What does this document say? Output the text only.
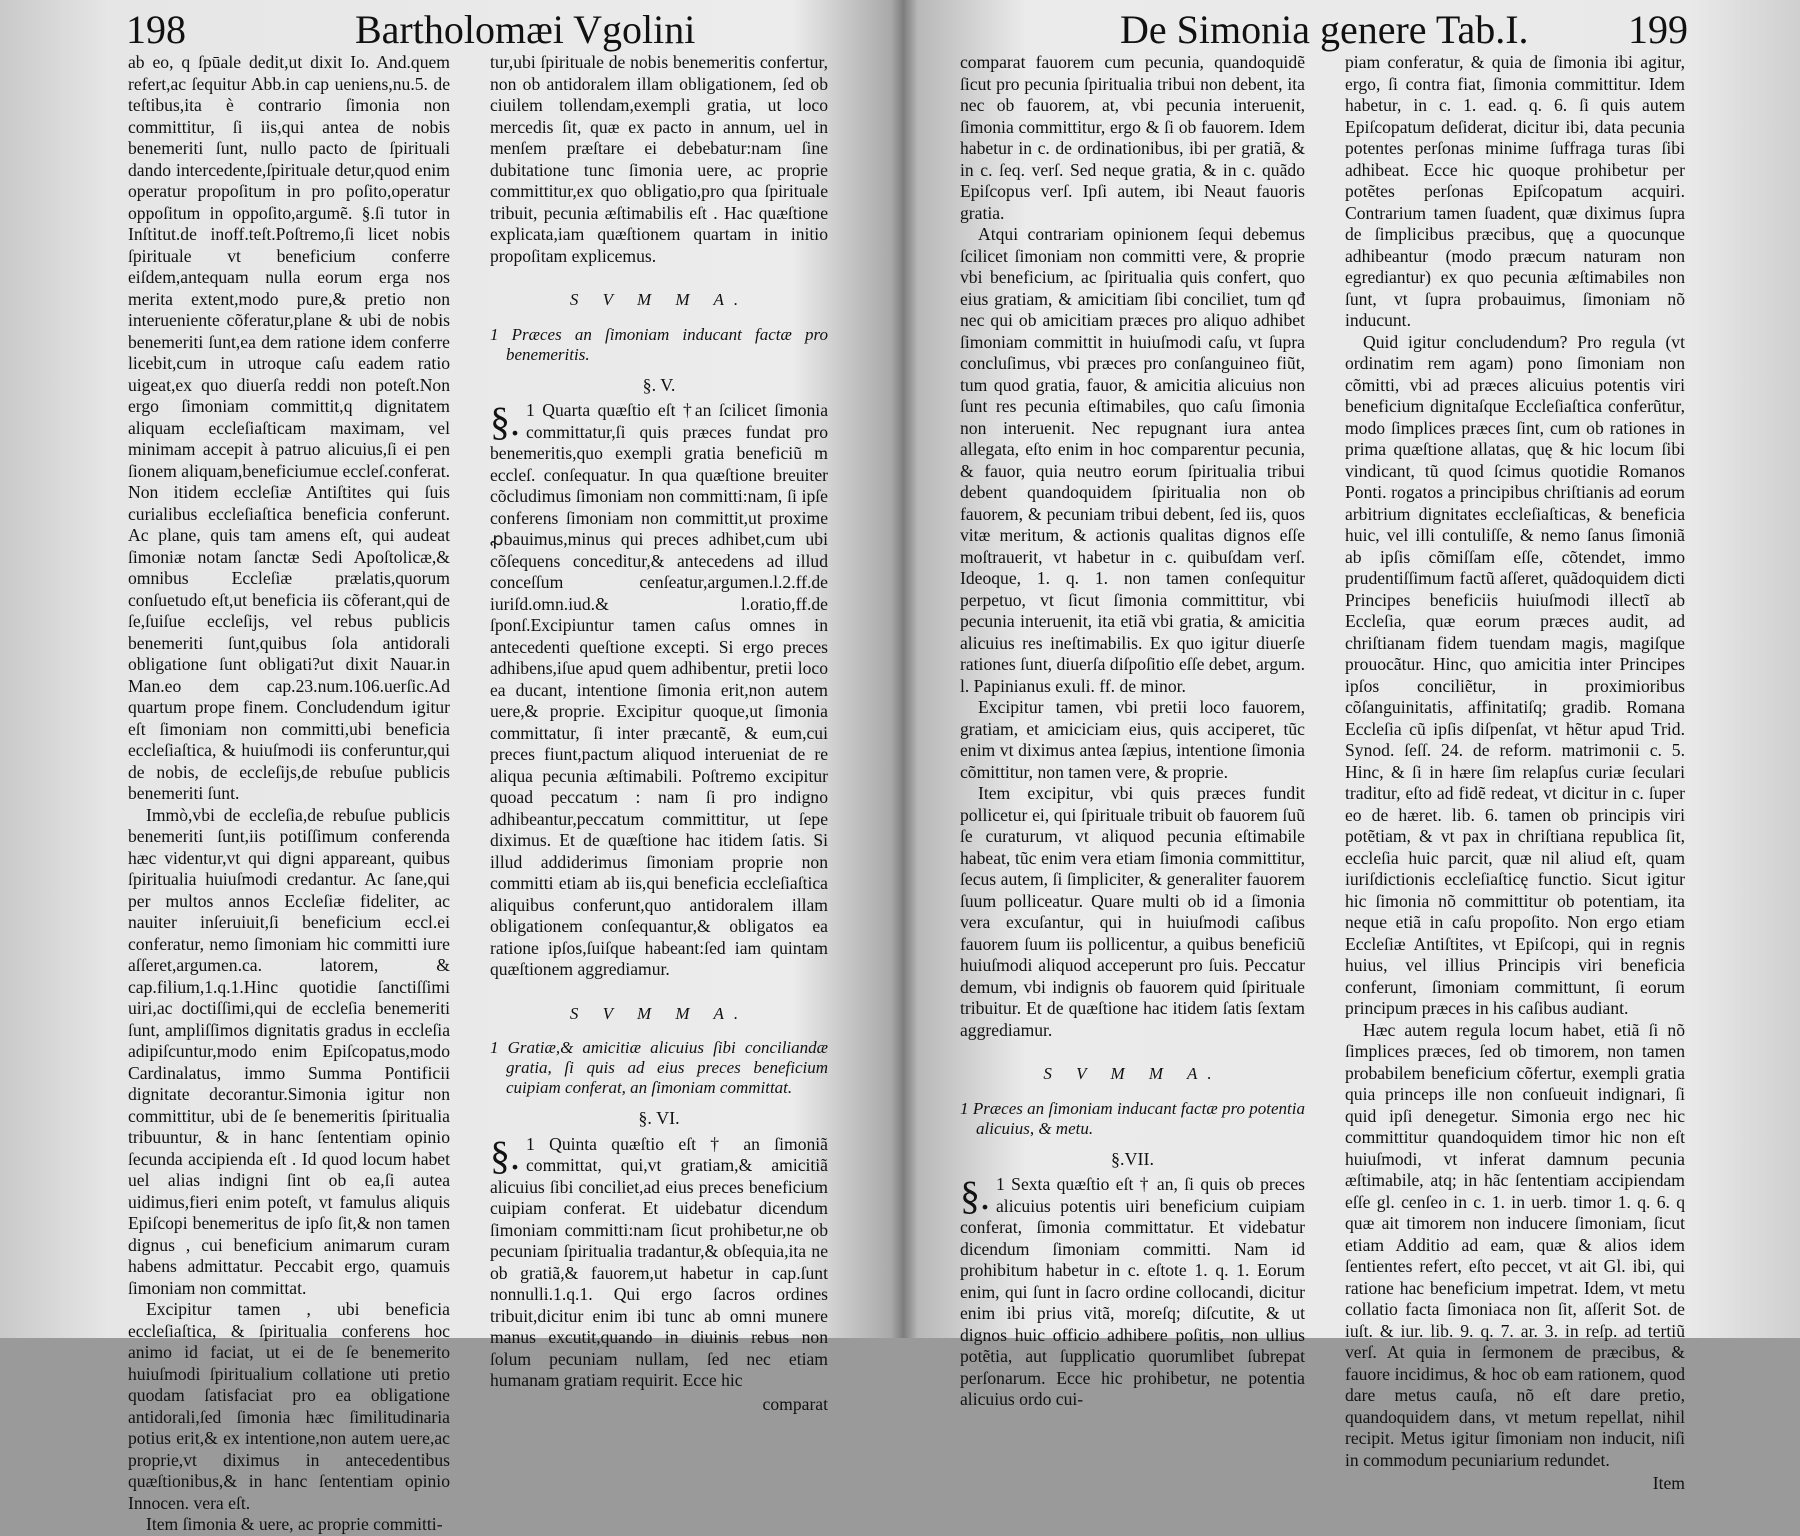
198	Bartholomæi Vgolini

ab eo, q ſpūale dedit,ut dixit Io. And.quem refert,ac ſequitur Abb.in cap ueniens,nu.5. de teſtibus,ita è contrario ſimonia non committitur, ſi iis,qui antea de nobis benemeriti ſunt, nullo pacto de ſpirituali dando intercedente,ſpirituale detur,quod enim operatur propoſitum in pro poſito,operatur oppoſitum in oppoſito,argumẽ. §.ſi tutor in Inſtitut.de inoff.teſt.Poſtremo,ſi licet nobis ſpirituale vt beneficium conferre eiſdem,antequam nulla eorum erga nos merita extent,modo pure,& pretio non interueniente cõferatur,plane & ubi de nobis benemeriti ſunt,ea dem ratione idem conferre licebit,cum in utroque caſu eadem ratio uigeat,ex quo diuerſa reddi non poteſt.Non ergo ſimoniam committit,q dignitatem aliquam eccleſiaſticam maximam, vel minimam accepit à patruo alicuius,ſi ei pen ſionem aliquam,beneficiumue eccleſ.conferat. Non itidem eccleſiæ Antiſtites qui ſuis curialibus eccleſiaſtica beneficia conferunt. Ac plane, quis tam amens eſt, qui audeat ſimoniæ notam ſanctæ Sedi Apoſtolicæ,& omnibus Eccleſiæ prælatis,quorum conſuetudo eſt,ut beneficia iis cõferant,qui de ſe,ſuiſue eccleſijs, vel rebus publicis benemeriti ſunt,quibus ſola antidorali obligatione ſunt obligati?ut dixit Nauar.in Man.eo dem cap.23.num.106.uerſic.Ad quartum prope finem. Concludendum igitur eſt ſimoniam non committi,ubi beneficia eccleſiaſtica, & huiuſmodi iis conferuntur,qui de nobis, de eccleſijs,de rebuſue publicis benemeriti ſunt.

Immò,vbi de eccleſia,de rebuſue publicis benemeriti ſunt,iis potiſſimum conferenda hæc videntur,vt qui digni appareant, quibus ſpiritualia huiuſmodi credantur. Ac ſane,qui per multos annos Eccleſiæ fideliter, ac nauiter inſeruiuit,ſi beneficium eccl.ei conferatur, nemo ſimoniam hic committi iure aſſeret,argumen.ca. latorem, & cap.filium,1.q.1.Hinc quotidie ſanctiſſimi uiri,ac doctiſſimi,qui de eccleſia benemeriti ſunt, ampliſſimos dignitatis gradus in eccleſia adipiſcuntur,modo enim Epiſcopatus,modo Cardinalatus, immo Summa Pontificii dignitate decorantur.Simonia igitur non committitur, ubi de ſe benemeritis ſpiritualia tribuuntur, & in hanc ſententiam opinio ſecunda accipienda eſt . Id quod locum habet uel alias indigni ſint ob ea,ſi autea uidimus,fieri enim poteſt, vt famulus aliquis Epiſcopi benemeritus de ipſo ſit,& non tamen dignus , cui beneficium animarum curam habens admittatur. Peccabit ergo, quamuis ſimoniam non committat.

Excipitur tamen , ubi beneficia eccleſiaſtica, & ſpiritualia conferens hoc animo id faciat, ut ei de ſe benemerito huiuſmodi ſpiritualium collatione uti pretio quodam ſatisfaciat pro ea obligatione antidorali,ſed ſimonia hæc ſimilitudinaria potius erit,& ex intentione,non autem uere,ac proprie,vt diximus in antecedentibus quæſtionibus,& in hanc ſententiam opinio Innocen. vera eſt.

Item ſimonia & uere, ac proprie committi-

tur,ubi ſpirituale de nobis benemeritis confertur, non ob antidoralem illam obligationem, ſed ob ciuilem tollendam,exempli gratia, ut loco mercedis ſit, quæ ex pacto in annum, uel in menſem præſtare ei debebatur:nam ſine dubitatione tunc ſimonia uere, ac proprie committitur,ex quo obligatio,pro qua ſpirituale tribuit, pecunia æſtimabilis eſt . Hac quæſtione explicata,iam quæſtionem quartam in initio propoſitam explicemus.

S V M M A.
1 Præces an ſimoniam inducant factæ pro benemeritis.
§. V.

§. 1 Quarta quæſtio eſt †an ſcilicet ſimonia committatur,ſi quis præces fundat pro benemeritis,quo exempli gratia beneficiũ m eccleſ. conſequatur. In qua quæſtione breuiter cõcludimus ſimoniam non committi:nam, ſi ipſe conferens ſimoniam non committit,ut proxime ꝓbauimus,minus qui preces adhibet,cum ubi cõſequens conceditur,& antecedens ad illud conceſſum cenſeatur,argumen.l.2.ff.de iuriſd.omn.iud.& l.oratio,ff.de ſponſ.Excipiuntur tamen caſus omnes in antecedenti queſtione excepti. Si ergo preces adhibens,iſue apud quem adhibentur, pretii loco ea ducant, intentione ſimonia erit,non autem uere,& proprie. Excipitur quoque,ut ſimonia committatur, ſi inter præcantẽ, & eum,cui preces fiunt,pactum aliquod interueniat de re aliqua pecunia æſtimabili. Poſtremo excipitur quoad peccatum : nam ſi pro indigno adhibeantur,peccatum committitur, ut ſepe diximus. Et de quæſtione hac itidem ſatis. Si illud addiderimus ſimoniam proprie non committi etiam ab iis,qui beneficia eccleſiaſtica aliquibus conferunt,quo antidoralem illam obligationem conſequantur,& obligatos ea ratione ipſos,ſuiſque habeant:ſed iam quintam quæſtionem aggrediamur.

S V M M A.
1 Gratiæ,& amicitiæ alicuius ſibi conciliandæ gratia, ſi quis ad eius preces beneficium cuipiam conferat, an ſimoniam committat.
§. VI.

§. 1 Quinta quæſtio eſt † an ſimoniã committat, qui,vt gratiam,& amicitiã alicuius ſibi conciliet,ad eius preces beneficium cuipiam conferat. Et uidebatur dicendum ſimoniam committi:nam ſicut prohibetur,ne ob pecuniam ſpiritualia tradantur,& obſequia,ita ne ob gratiã,& fauorem,ut habetur in cap.ſunt nonnulli.1.q.1. Qui ergo ſacros ordines tribuit,dicitur enim ibi tunc ab omni munere manus excutit,quando in diuinis rebus non ſolum pecuniam nullam, ſed nec etiam humanam gratiam requirit. Ecce hic

comparat
De Simonia genere Tab.I. 199

comparat fauorem cum pecunia, quandoquidẽ ſicut pro pecunia ſpiritualia tribui non debent, ita nec ob fauorem, at, vbi pecunia interuenit, ſimonia committitur, ergo & ſi ob fauorem. Idem habetur in c. de ordinationibus, ibi per gratiã, & in c. ſeq. verſ. Sed neque gratia, & in c. quãdo Epiſcopus verſ. Ipſi autem, ibi Neaut fauoris gratia.

Atqui contrariam opinionem ſequi debemus ſcilicet ſimoniam non committi vere, & proprie vbi beneficium, ac ſpiritualia quis confert, quo eius gratiam, & amicitiam ſibi conciliet, tum qđ nec qui ob amicitiam præces pro aliquo adhibet ſimoniam committit in huiuſmodi caſu, vt ſupra concluſimus, vbi præces pro conſanguineo fiũt, tum quod gratia, fauor, & amicitia alicuius non ſunt res pecunia eſtimabiles, quo caſu ſimonia non interuenit. Nec repugnant iura antea allegata, eſto enim in hoc comparentur pecunia, & fauor, quia neutro eorum ſpiritualia tribui debent quandoquidem ſpiritualia non ob fauorem, & pecuniam tribui debent, ſed iis, quos vitæ meritum, & actionis qualitas dignos eſſe moſtrauerit, vt habetur in c. quibuſdam verſ. Ideoque, 1. q. 1. non tamen conſequitur perpetuo, vt ſicut ſimonia committitur, vbi pecunia interuenit, ita etiã vbi gratia, & amicitia alicuius res ineſtimabilis. Ex quo igitur diuerſe rationes ſunt, diuerſa diſpoſitio eſſe debet, argum. l. Papinianus exuli. ff. de minor.

Excipitur tamen, vbi pretii loco fauorem, gratiam, et amiciciam eius, quis acciperet, tũc enim vt diximus antea ſæpius, intentione ſimonia cõmittitur, non tamen vere, & proprie.

Item excipitur, vbi quis præces fundit pollicetur ei, qui ſpirituale tribuit ob fauorem ſuũ ſe curaturum, vt aliquod pecunia eſtimabile habeat, tũc enim vera etiam ſimonia committitur, ſecus autem, ſi ſimpliciter, & generaliter fauorem ſuum polliceatur. Quare multi ob id a ſimonia vera excuſantur, qui in huiuſmodi caſibus fauorem ſuum iis pollicentur, a quibus beneficiũ huiuſmodi aliquod acceperunt pro ſuis. Peccatur demum, vbi indignis ob fauorem quid ſpirituale tribuitur. Et de quæſtione hac itidem ſatis ſextam aggrediamur.

S V M M A.
1 Præces an ſimoniam inducant factæ pro potentia alicuius, & metu.
§.VII.

§. 1 Sexta quæſtio eſt † an, ſi quis ob preces alicuius potentis uiri beneficium cuipiam conferat, ſimonia committatur. Et videbatur dicendum ſimoniam committi. Nam id prohibitum habetur in c. eſtote 1. q. 1. Eorum enim, qui ſunt in ſacro ordine collocandi, dicitur enim ibi prius vitã, moreſq; diſcutite, & ut dignos huic officio adhibere poſitis, non ullius potẽtia, aut ſupplicatio quorumlibet ſubrepat perſonarum. Ecce hic prohibetur, ne potentia alicuius ordo cui-

piam conferatur, & quia de ſimonia ibi agitur, ergo, ſi contra fiat, ſimonia committitur. Idem habetur, in c. 1. ead. q. 6. ſi quis autem Epiſcopatum deſiderat, dicitur ibi, data pecunia potentes perſonas minime ſuffraga turas ſibi adhibeat. Ecce hic quoque prohibetur per potẽtes perſonas Epiſcopatum acquiri. Contrarium tamen ſuadent, quæ diximus ſupra de ſimplicibus præcibus, quę a quocunque adhibeantur (modo præcum naturam non egrediantur) ex quo pecunia æſtimabiles non ſunt, vt ſupra probauimus, ſimoniam nõ inducunt.

Quid igitur concludendum? Pro regula (vt ordinatim rem agam) pono ſimoniam non cõmitti, vbi ad præces alicuius potentis viri beneficium dignitaſque Eccleſiaſtica conferũtur, modo ſimplices præces ſint, cum ob rationes in prima quæſtione allatas, quę & hic locum ſibi vindicant, tũ quod ſcimus quotidie Romanos Ponti. rogatos a principibus chriſtianis ad eorum arbitrium dignitates eccleſiaſticas, & beneficia huic, vel illi contuliſſe, & nemo ſanus ſimoniã ab ipſis cõmiſſam eſſe, cõtendet, immo prudentiſſimum factũ aſſeret, quãdoquidem dicti Principes beneficiis huiuſmodi illectĩ ab Eccleſia, quæ eorum præces audit, ad chriſtianam fidem tuendam magis, magiſque prouocãtur. Hinc, quo amicitia inter Principes ipſos conciliẽtur, in proximioribus cõſanguinitatis, affinitatiſq; gradib. Romana Eccleſia cũ ipſis diſpenſat, vt hẽtur apud Trid. Synod. ſeſſ. 24. de reform. matrimonii c. 5. Hinc, & ſi in hære ſim relapſus curiæ ſeculari traditur, eſto ad fidẽ redeat, vt dicitur in c. ſuper eo de hæret. lib. 6. tamen ob principis viri potẽtiam, & vt pax in chriſtiana republica ſit, eccleſia huic parcit, quæ nil aliud eſt, quam iuriſdictionis eccleſiaſticę functio. Sicut igitur hic ſimonia nõ committitur ob potentiam, ita neque etiã in caſu propoſito. Non ergo etiam Eccleſiæ Antiſtites, vt Epiſcopi, qui in regnis huius, vel illius Principis viri beneficia conferunt, ſimoniam committunt, ſi eorum principum præces in his caſibus audiant.

Hæc autem regula locum habet, etiã ſi nõ ſimplices præces, ſed ob timorem, non tamen probabilem beneficium cõfertur, exempli gratia quia princeps ille non conſueuit indignari, ſi quid ipſi denegetur. Simonia ergo nec hic committitur quandoquidem timor hic non eſt huiuſmodi, vt inferat damnum pecunia æſtimabile, atq; in hãc ſententiam accipiendam eſſe gl. cenſeo in c. 1. in uerb. timor 1. q. 6. q quæ ait timorem non inducere ſimoniam, ſicut etiam Additio ad eam, quæ & alios idem ſentientes refert, eſto peccet, vt ait Gl. ibi, qui ratione hac beneficium impetrat. Idem, vt metu collatio facta ſimoniaca non ſit, aſſerit Sot. de iuſt. & iur. lib. 9. q. 7. ar. 3. in reſp. ad tertiũ verſ. At quia in ſermonem de præcibus, & fauore incidimus, & hoc ob eam rationem, quod dare metus cauſa, nõ eſt dare pretio, quandoquidem dans, vt metum repellat, nihil recipit. Metus igitur ſimoniam non inducit, niſi in commodum pecuniarium redundet.

Item
